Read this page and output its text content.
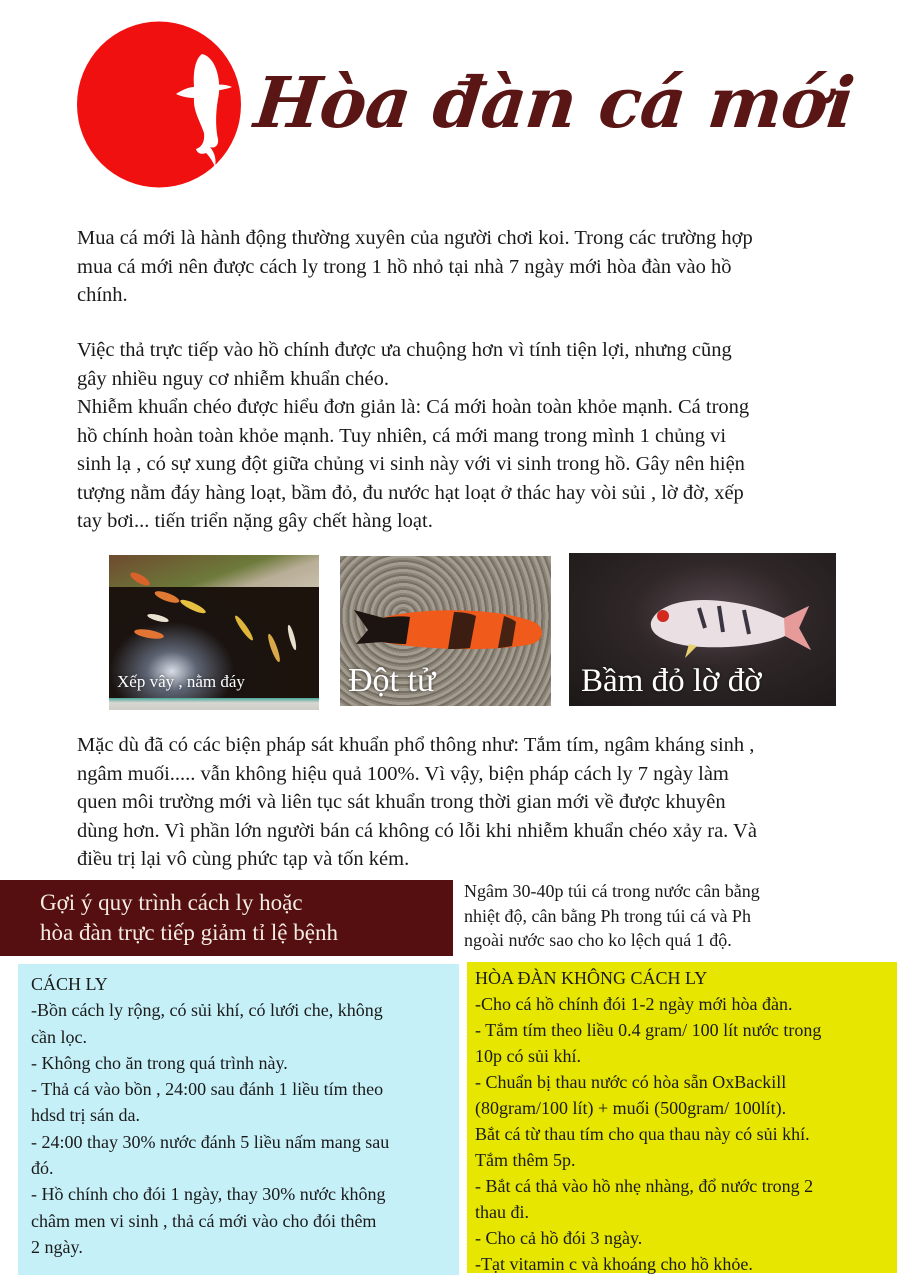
Hòa đàn cá mới
Mua cá mới là hành động thường xuyên của người chơi koi. Trong các trường hợp
mua cá mới nên được cách ly trong 1 hồ nhỏ tại nhà 7 ngày mới hòa đàn vào hồ
chính.
Việc thả trực tiếp vào hồ chính được ưa chuộng hơn vì tính tiện lợi, nhưng cũng
gây nhiều nguy cơ nhiễm khuẩn chéo.
Nhiễm khuẩn chéo được hiểu đơn giản là: Cá mới hoàn toàn khỏe mạnh. Cá trong
hồ chính hoàn toàn khỏe mạnh. Tuy nhiên, cá mới mang trong mình 1 chủng vi
sinh lạ , có sự xung đột giữa chủng vi sinh này với vi sinh trong hồ. Gây nên hiện
tượng nằm đáy hàng loạt, bầm đỏ, đu nước hạt loạt ở thác hay vòi sủi , lờ đờ, xếp
tay bơi... tiến triển nặng gây chết hàng loạt.
Xếp vây , nằm đáy	Đột tử	Bầm đỏ lờ đờ
Mặc dù đã có các biện pháp sát khuẩn phổ thông như: Tắm tím, ngâm kháng sinh ,
ngâm muối..... vẫn không hiệu quả 100%. Vì vậy, biện pháp cách ly 7 ngày làm
quen môi trường mới và liên tục sát khuẩn trong thời gian mới về được khuyên
dùng hơn. Vì phần lớn người bán cá không có lỗi khi nhiễm khuẩn chéo xảy ra. Và
điều trị lại vô cùng phức tạp và tốn kém.
Gợi ý quy trình cách ly hoặc
hòa đàn trực tiếp giảm tỉ lệ bệnh
Ngâm 30-40p túi cá trong nước cân bằng
nhiệt độ, cân bằng Ph trong túi cá và Ph
ngoài nước sao cho ko lệch quá 1 độ.
CÁCH LY
-Bồn cách ly rộng, có sủi khí, có lưới che, không
cần lọc.
- Không cho ăn trong quá trình này.
- Thả cá vào bồn , 24:00 sau đánh 1 liều tím theo
hdsd trị sán da.
- 24:00 thay 30% nước đánh 5 liều nấm mang sau
đó.
- Hồ chính cho đói 1 ngày, thay 30% nước không
châm men vi sinh , thả cá mới vào cho đói thêm
2 ngày.
HÒA ĐÀN KHÔNG CÁCH LY
-Cho cá hồ chính đói 1-2 ngày mới hòa đàn.
- Tắm tím theo liều 0.4 gram/ 100 lít nước trong
10p có sủi khí.
- Chuẩn bị thau nước có hòa sẵn OxBackill
(80gram/100 lít) + muối (500gram/ 100lít).
Bắt cá từ thau tím cho qua thau này có sủi khí.
Tắm thêm 5p.
- Bắt cá thả vào hồ nhẹ nhàng, đổ nước trong 2
thau đi.
- Cho cả hồ đói 3 ngày.
-Tạt vitamin c và khoáng cho hồ khỏe.
